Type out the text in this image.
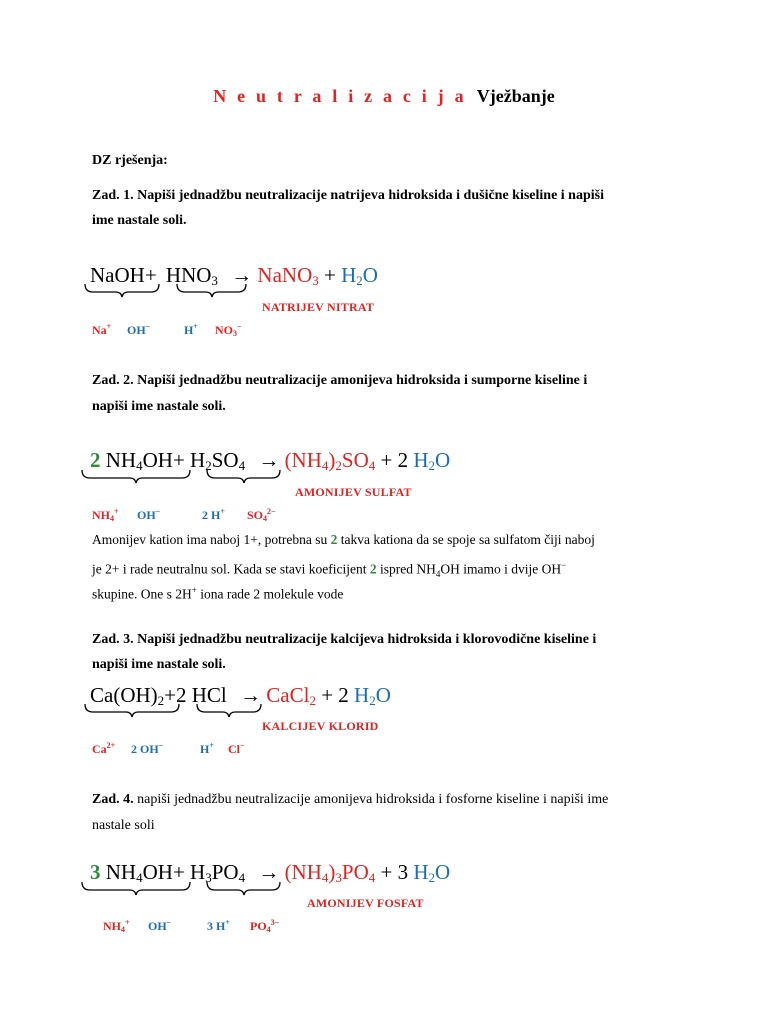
N e u t r a l i z a c i j a Vježbanje
DZ rješenja:
Zad. 1. Napiši jednadžbu neutralizacije natrijeva hidroksida i dušične kiseline i napiši
ime nastale soli.
NaOH+ $HNO_3$ → NaNO$_3$ + $H_2O$
NATRIJEV NITRAT
Na+ OH−	H+ $NO_3^-$
Zad. 2. Napiši jednadžbu neutralizacije amonijeva hidroksida i sumporne kiseline i
napiši ime nastale soli.
2 $NH_4OH+ H_2SO_4 \to (NH_4)_2SO_4 + 2$ $H_2O$
AMONIJEV SULFAT
$NH_4^+$ OH−	2 H+ $SO_4^{2-}$
Amonijev kation ima naboj 1+, potrebna su 2 takva kationa da se spoje sa sulfatom čiji naboj
je 2+ i rade neutralnu sol. Kada se stavi koeficijent 2 ispred $NH_4OH$ imamo i dvije OH−
skupine. One s 2H+ iona rade 2 molekule vode
Zad. 3. Napiši jednadžbu neutralizacije kalcijeva hidroksida i klorovodične kiseline i
napiši ime nastale soli.
$Ca(OH)_2+2$ HCl → CaCl$_2$ + 2 $H_2O$
KALCIJEV KLORID
$Ca^{2+}$ 2 OH−	H+ Cl−
Zad. 4. napiši jednadžbu neutralizacije amonijeva hidroksida i fosforne kiseline i napiši ime
nastale soli
3 $NH_4OH+ H_3PO_4 \to (NH_4)_3PO_4 + 3$ $H_2O$
AMONIJEV FOSFAT
$NH_4^+$ OH−	3 H+ $PO_4^{3-}$
